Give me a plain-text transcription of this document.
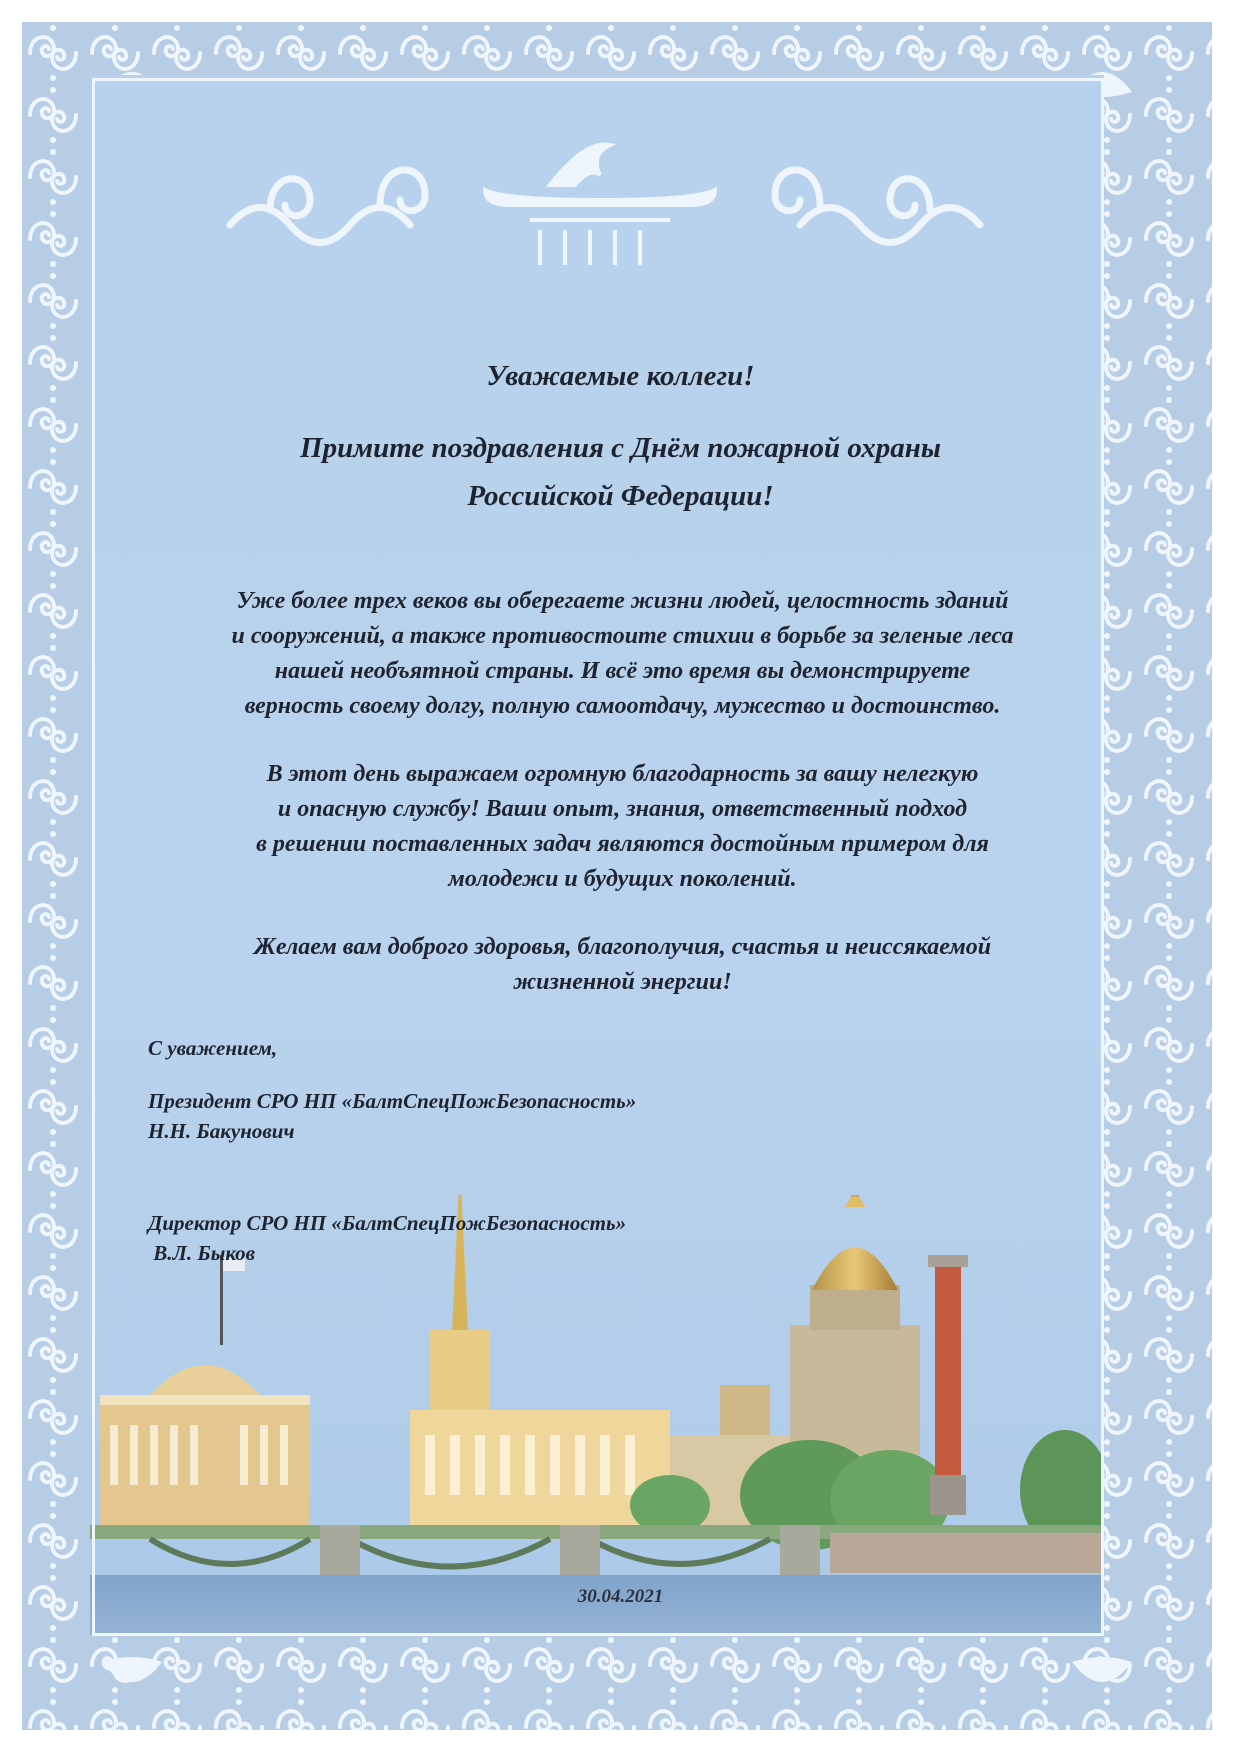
Уважаемые коллеги!
Примите поздравления с Днём пожарной охраны
Российской Федерации!
Уже более трех веков вы оберегаете жизни людей, целостность зданий
и сооружений, а также противостоите стихии в борьбе за зеленые леса
нашей необъятной страны. И всё это время вы демонстрируете
верность своему долгу, полную самоотдачу, мужество и достоинство.
В этот день выражаем огромную благодарность за вашу нелегкую
и опасную службу! Ваши опыт, знания, ответственный подход
в решении поставленных задач являются достойным примером для
молодежи и будущих поколений.
Желаем вам доброго здоровья, благополучия, счастья и неиссякаемой
жизненной энергии!
С уважением,
Президент СРО НП «БалтСпецПожБезопасность»
Н.Н. Бакунович
Директор СРО НП «БалтСпецПожБезопасность»
В.Л. Быков
30.04.2021
